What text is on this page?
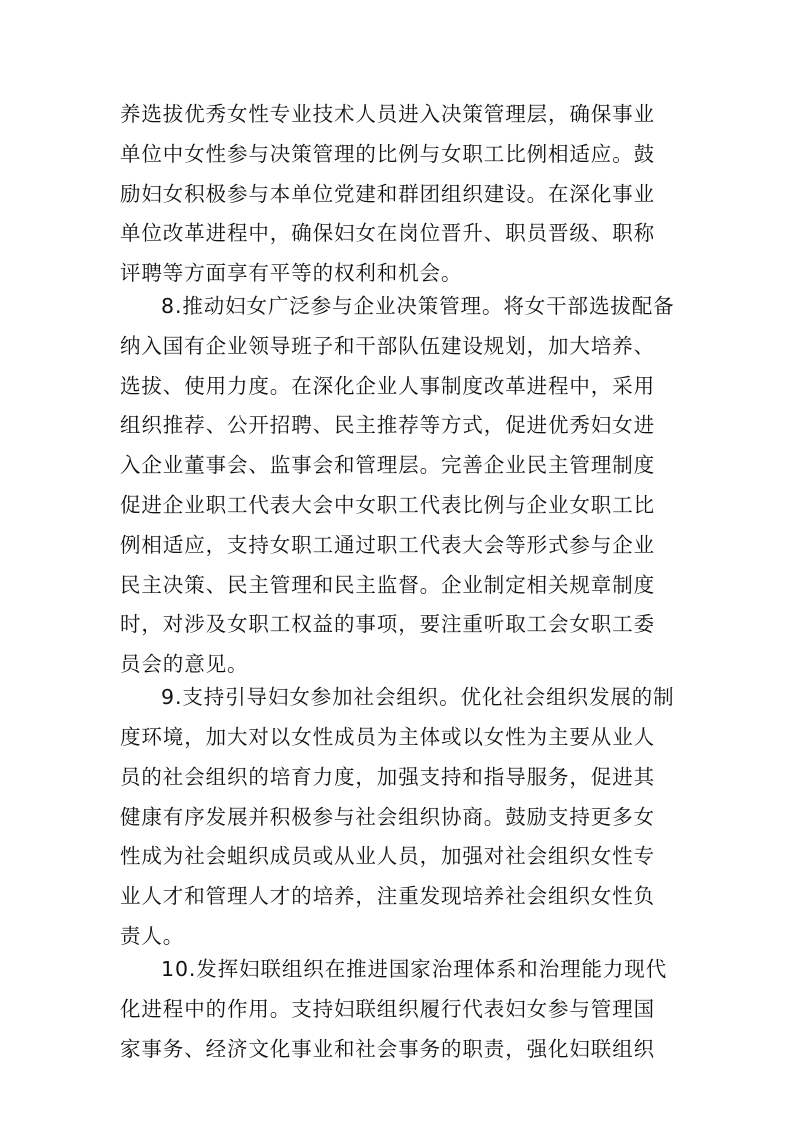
养选拔优秀女性专业技术人员进入决策管理层，确保事业
单位中女性参与决策管理的比例与女职工比例相适应。鼓
励妇女积极参与本单位党建和群团组织建设。在深化事业
单位改革进程中，确保妇女在岗位晋升、职员晋级、职称
评聘等方面享有平等的权利和机会。
8.推动妇女广泛参与企业决策管理。将女干部选拔配备
纳入国有企业领导班子和干部队伍建设规划，加大培养、
选拔、使用力度。在深化企业人事制度改革进程中，采用
组织推荐、公开招聘、民主推荐等方式，促进优秀妇女进
入企业董事会、监事会和管理层。完善企业民主管理制度
促进企业职工代表大会中女职工代表比例与企业女职工比
例相适应，支持女职工通过职工代表大会等形式参与企业
民主决策、民主管理和民主监督。企业制定相关规章制度
时，对涉及女职工权益的事项，要注重听取工会女职工委
员会的意见。
9.支持引导妇女参加社会组织。优化社会组织发展的制
度环境，加大对以女性成员为主体或以女性为主要从业人
员的社会组织的培育力度，加强支持和指导服务，促进其
健康有序发展并积极参与社会组织协商。鼓励支持更多女
性成为社会蛆织成员或从业人员，加强对社会组织女性专
业人才和管理人才的培养，注重发现培养社会组织女性负
责人。
10.发挥妇联组织在推进国家治理体系和治理能力现代
化进程中的作用。支持妇联组织履行代表妇女参与管理国
家事务、经济文化事业和社会事务的职责，强化妇联组织
